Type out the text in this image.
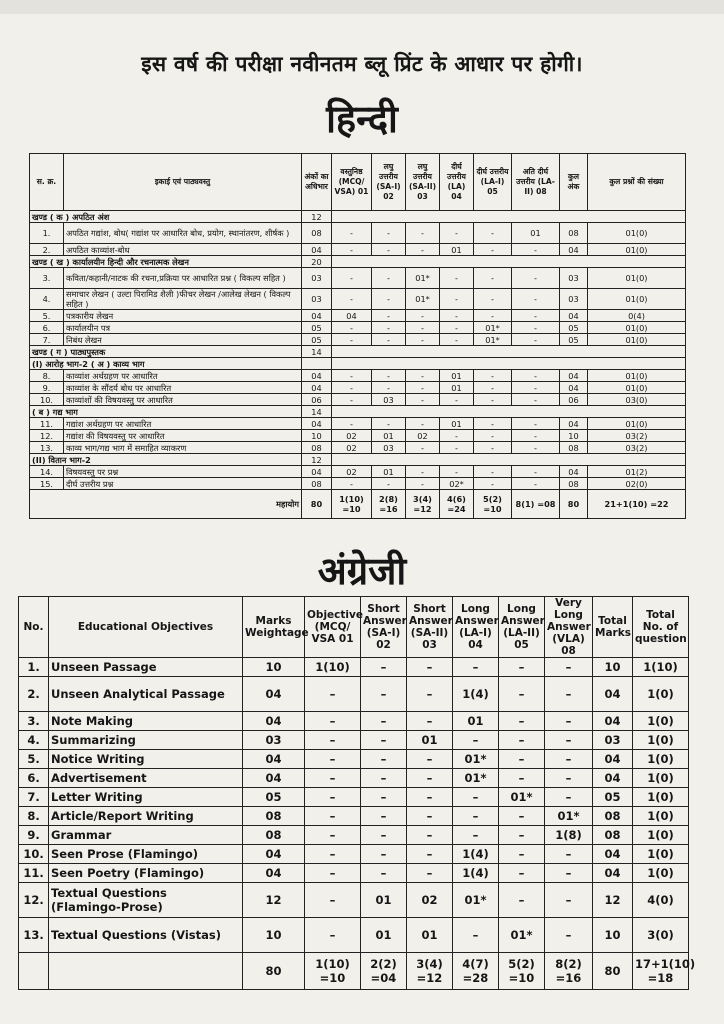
इस वर्ष की परीक्षा नवीनतम ब्लू प्रिंट के आधार पर होगी।
हिन्दी
स. क्र.	इकाई एवं पाठ्यवस्तु	अंकों का अधिभार	वस्तुनिष्ठ (MCQ/ VSA) 01	लघु उत्तरीय (SA-I) 02	लघु उत्तरीय (SA-II) 03	दीर्घ उत्तरीय (LA) 04	दीर्घ उत्तरीय (LA-I) 05	अति दीर्घ उत्तरीय (LA-II) 08	कुल अंक	कुल प्रश्नों की संख्या
खण्ड ( क ) अपठित अंश		12								
1.	अपठित गद्यांश, बोध( गद्यांश पर आधारित बोध, प्रयोग, स्थानांतरण, शीर्षक )	08	-	-	-	-	-	01	08	01(0)
2.	अपठित काव्यांश-बोध	04	-	-	-	01	-	-	04	01(0)
खण्ड ( ख ) कार्यालयीन हिन्दी और रचनात्मक लेखन		20								
3.	कविता/कहानी/नाटक की रचना,प्रक्रिया पर आधारित प्रश्न ( विकल्प सहित )	03	-	-	01*	-	-	-	03	01(0)
4.	समाचार लेखन ( उल्टा पिरामिड शैली )फीचर लेखन /आलेख लेखन ( विकल्प सहित )	03	-	-	01*	-	-	-	03	01(0)
5.	पत्रकारीय लेखन	04	04	-	-	-	-	-	04	0(4)
6.	कार्यालयीन पत्र	05	-	-	-	-	01*	-	05	01(0)
7.	निबंध लेखन	05	-	-	-	-	01*	-	05	01(0)
खण्ड ( ग ) पाठ्यपुस्तक		14								
(I) आरोह भाग-2 ( अ ) काव्य भाग										
8.	काव्यांश अर्थग्रहण पर आधारित	04	-	-	-	01	-	-	04	01(0)
9.	काव्यांश के सौंदर्य बोध पर आधारित	04	-	-	-	01	-	-	04	01(0)
10.	काव्यांशों की विषयवस्तु पर आधारित	06	-	03	-	-	-	-	06	03(0)
( ब ) गद्य भाग		14								
11.	गद्यांश अर्थग्रहण पर आधारित	04	-	-	-	01	-	-	04	01(0)
12.	गद्यांश की विषयवस्तु पर आधारित	10	02	01	02	-	-	-	10	03(2)
13.	काव्य भाग/गद्य भाग में समाहित व्याकरण	08	02	03	-	-	-	-	08	03(2)
(II) वितान भाग-2		12								
14.	विषयवस्तु पर प्रश्न	04	02	01	-	-	-	-	04	01(2)
15.	दीर्घ उत्तरीय प्रश्न	08	-	-	-	02*	-	-	08	02(0)
महायोग		80	1(10) =10	2(8) =16	3(4) =12	4(6) =24	5(2) =10	8(1) =08	80	21+1(10) =22
अंग्रेजी
No.	Educational Objectives	Marks Weightage	Objective (MCQ/ VSA 01	Short Answer (SA-I) 02	Short Answer (SA-II) 03	Long Answer (LA-I) 04	Long Answer (LA-II) 05	Very Long Answer (VLA) 08	Total Marks	Total No. of question
1.	Unseen Passage	10	1(10)	–	–	–	–	–	10	1(10)
2.	Unseen Analytical Passage	04	–	–	–	1(4)	–	–	04	1(0)
3.	Note Making	04	–	–	–	01	–	–	04	1(0)
4.	Summarizing	03	–	–	01	–	–	–	03	1(0)
5.	Notice Writing	04	–	–	–	01*	–	–	04	1(0)
6.	Advertisement	04	–	–	–	01*	–	–	04	1(0)
7.	Letter Writing	05	–	–	–	–	01*	–	05	1(0)
8.	Article/Report Writing	08	–	–	–	–	–	01*	08	1(0)
9.	Grammar	08	–	–	–	–	–	1(8)	08	1(0)
10.	Seen Prose (Flamingo)	04	–	–	–	1(4)	–	–	04	1(0)
11.	Seen Poetry (Flamingo)	04	–	–	–	1(4)	–	–	04	1(0)
12.	Textual Questions (Flamingo-Prose)	12	–	01	02	01*	–	–	12	4(0)
13.	Textual Questions (Vistas)	10	–	01	01	–	01*	–	10	3(0)
		80	1(10) =10	2(2) =04	3(4) =12	4(7) =28	5(2) =10	8(2) =16	80	17+1(10) =18
